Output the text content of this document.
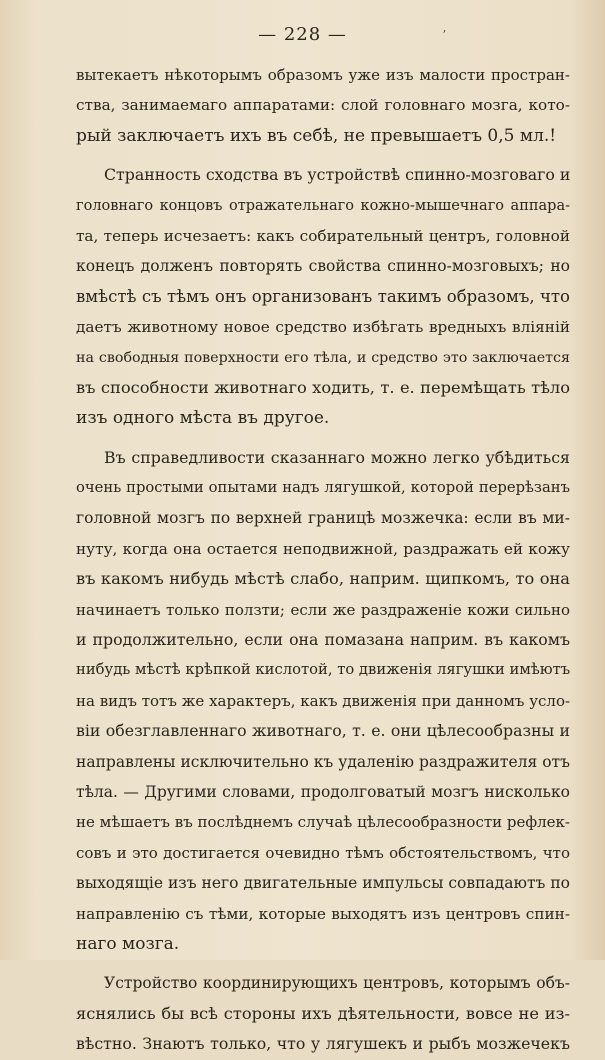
— 228 —	ʼ
вытекаетъ нѣкоторымъ образомъ уже изъ малости простран-
ства, занимаемаго аппаратами: слой головнаго мозга, кото-
рый заключаетъ ихъ въ себѣ, не превышаетъ 0,5 мл.!
Странность сходства въ устройствѣ спинно-мозговаго и
головнаго концовъ отражательнаго кожно-мышечнаго аппара-
та, теперь исчезаетъ: какъ собирательный центръ, головной
конецъ долженъ повторять свойства спинно-мозговыхъ; но
вмѣстѣ съ тѣмъ онъ организованъ такимъ образомъ, что
даетъ животному новое средство избѣгать вредныхъ вліяній
на свободныя поверхности его тѣла, и средство это заключается
въ способности животнаго ходить, т. е. перемѣщать тѣло
изъ одного мѣста въ другое.
Въ справедливости сказаннаго можно легко убѣдиться
очень простыми опытами надъ лягушкой, которой перерѣзанъ
головной мозгъ по верхней границѣ мозжечка: если въ ми-
нуту, когда она остается неподвижной, раздражать ей кожу
въ какомъ нибудь мѣстѣ слабо, наприм. щипкомъ, то она
начинаетъ только ползти; если же раздраженіе кожи сильно
и продолжительно, если она помазана наприм. въ какомъ
нибудь мѣстѣ крѣпкой кислотой, то движенія лягушки имѣютъ
на видъ тотъ же характеръ, какъ движенія при данномъ усло-
віи обезглавленнаго животнаго, т. е. они цѣлесообразны и
направлены исключительно къ удаленію раздражителя отъ
тѣла. — Другими словами, продолговатый мозгъ нисколько
не мѣшаетъ въ послѣднемъ случаѣ цѣлесообразности рефлек-
совъ и это достигается очевидно тѣмъ обстоятельствомъ, что
выходящіе изъ него двигательные импульсы совпадаютъ по
направленію съ тѣми, которые выходятъ изъ центровъ спин-
наго мозга.
Устройство координирующихъ центровъ, которымъ объ-
яснялись бы всѣ стороны ихъ дѣятельности, вовсе не из-
вѣстно. Знаютъ только, что у лягушекъ и рыбъ мозжечекъ
